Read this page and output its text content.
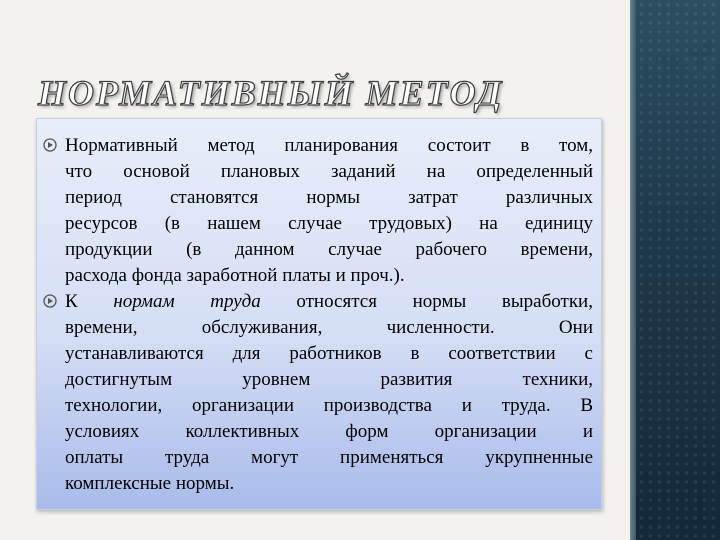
НОРМАТИВНЫЙ МЕТОД
Нормативный метод планирования состоит в том,
что основой плановых заданий на определенный
период становятся нормы затрат различных
ресурсов (в нашем случае трудовых) на единицу
продукции (в данном случае рабочего времени,
расхода фонда заработной платы и проч.).
К нормам труда относятся нормы выработки,
времени, обслуживания, численности. Они
устанавливаются для работников в соответствии с
достигнутым уровнем развития техники,
технологии, организации производства и труда. В
условиях коллективных форм организации и
оплаты труда могут применяться укрупненные
комплексные нормы.
